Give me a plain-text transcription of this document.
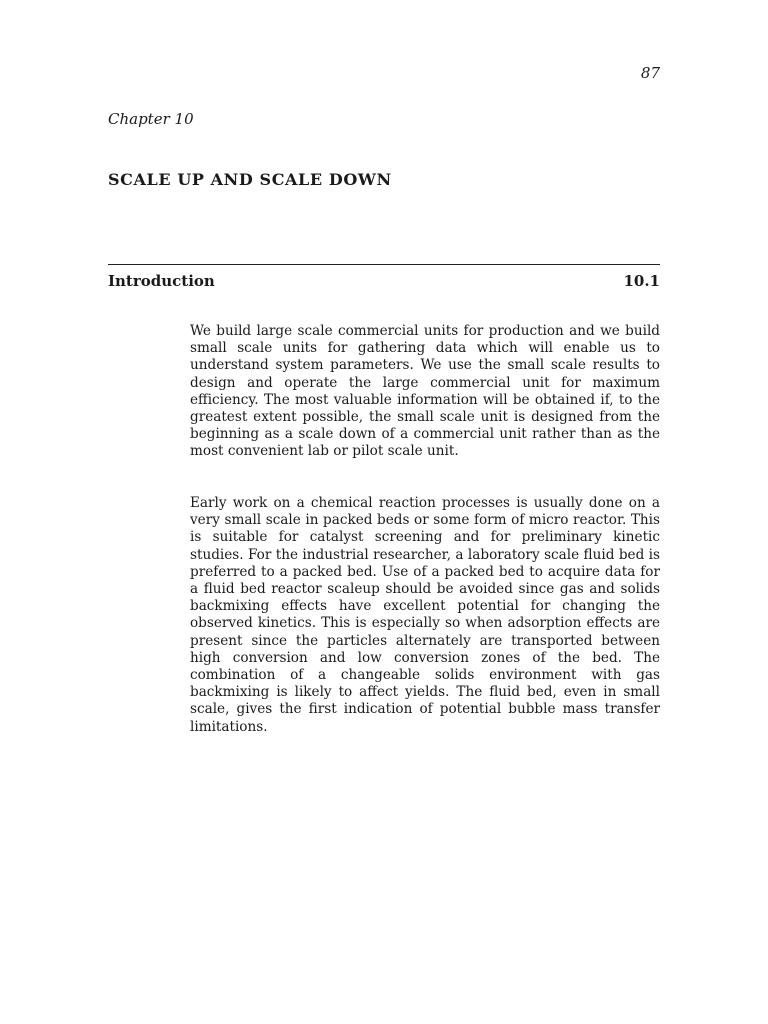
87
Chapter 10
SCALE UP AND SCALE DOWN
Introduction	10.1

We build large scale commercial units for production and we build small scale units for gathering data which will enable us to understand system parameters. We use the small scale results to design and operate the large commercial unit for maximum efficiency. The most valuable information will be obtained if, to the greatest extent possible, the small scale unit is designed from the beginning as a scale down of a commercial unit rather than as the most convenient lab or pilot scale unit.

Early work on a chemical reaction processes is usually done on a very small scale in packed beds or some form of micro reactor. This is suitable for catalyst screening and for preliminary kinetic studies. For the industrial researcher, a laboratory scale fluid bed is preferred to a packed bed. Use of a packed bed to acquire data for a fluid bed reactor scaleup should be avoided since gas and solids backmixing effects have excellent potential for changing the observed kinetics. This is especially so when adsorption effects are present since the particles alternately are transported between high conversion and low conversion zones of the bed. The combination of a changeable solids environment with gas backmixing is likely to affect yields. The fluid bed, even in small scale, gives the first indication of potential bubble mass transfer limitations.
